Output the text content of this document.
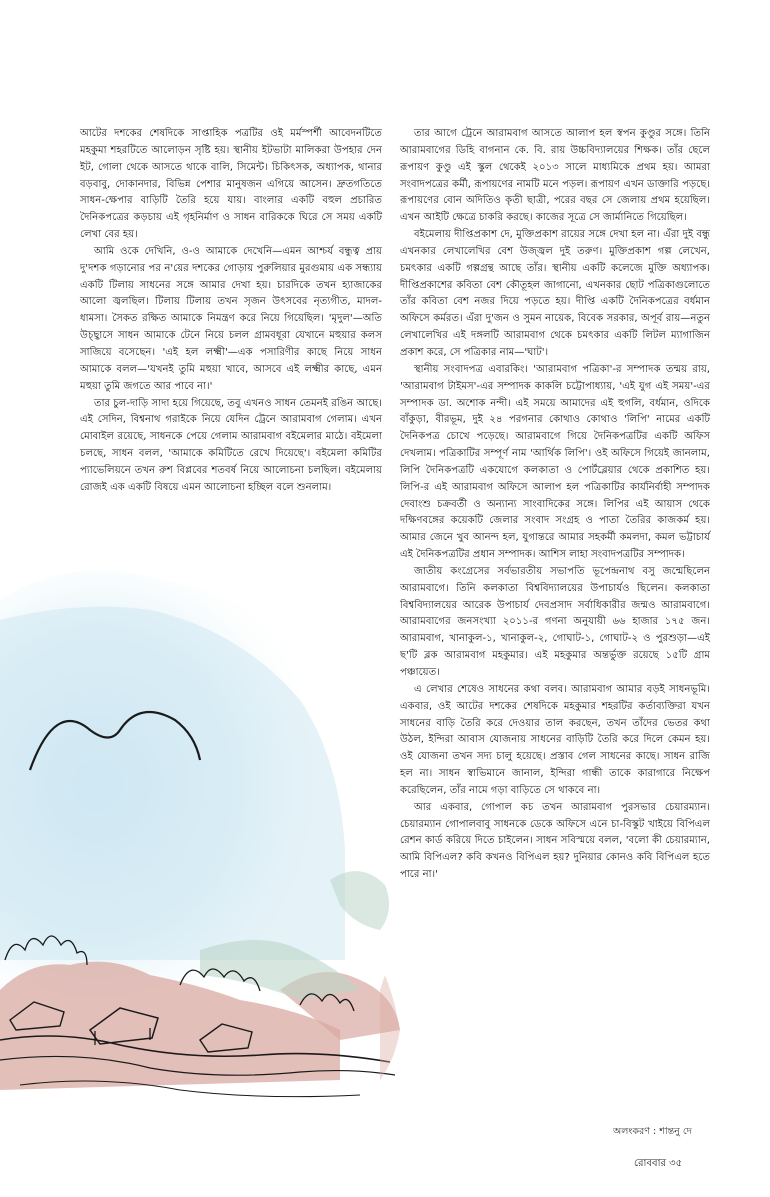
আটের দশকের শেষদিকে সাপ্তাহিক পত্রটির ওই মর্মস্পর্শী আবেদনটিতে মহকুমা শহরটিতে আলোড়ন সৃষ্টি হয়। স্থানীয় ইটভাটা মালিকরা উপহার দেন ইট, গোলা থেকে আসতে থাকে বালি, সিমেন্ট। চিকিৎসক, অধ্যাপক, থানার বড়বাবু, দোকানদার, বিভিন্ন পেশার মানুষজন এগিয়ে আসেন। দ্রুতগতিতে সাধন-ক্ষেপার বাড়িটি তৈরি হয়ে যায়। বাংলার একটি বহুল প্রচারিত দৈনিকপত্রের কড়চায় এই গৃহনির্মাণ ও সাধন বারিককে ঘিরে সে সময় একটি লেখা বের হয়।

আমি ওকে দেখিনি, ও-ও আমাকে দেখেনি—এমন আশ্চর্য বন্ধুত্ব প্রায় দু'দশক গড়ানোর পর ন'য়ের দশকের গোড়ায় পুরুলিয়ার মুরগুমায় এক সন্ধ্যায় একটি টিলায় সাধনের সঙ্গে আমার দেখা হয়। চারদিকে তখন হ্যাজাকের আলো জ্বলছিল। টিলায় টিলায় তখন সৃজন উৎসবের নৃত্যগীত, মাদল-ধামসা। সৈকত রক্ষিত আমাকে নিমন্ত্রণ করে নিয়ে গিয়েছিল। 'মৃদুল'—অতি উচ্ছ্বাসে সাধন আমাকে টেনে নিয়ে চলল গ্রামবধূরা যেখানে মহুয়ার কলস সাজিয়ে বসেছেন। 'এই হল লক্ষ্মী'—এক পসারিণীর কাছে নিয়ে সাধন আমাকে বলল—'যখনই তুমি মহুয়া খাবে, আসবে এই লক্ষ্মীর কাছে, এমন মহুয়া তুমি জগতে আর পাবে না।'

তার চুল-দাড়ি সাদা হয়ে গিয়েছে, তবু এখনও সাধন তেমনই রঙিন আছে। এই সেদিন, বিশ্বনাথ গরাইকে নিয়ে যেদিন ট্রেনে আরামবাগ গেলাম। এখন মোবাইল রয়েছে, সাধনকে পেয়ে গেলাম আরামবাগ বইমেলার মাঠে। বইমেলা চলছে, সাধন বলল, 'আমাকে কমিটিতে রেখে দিয়েছে'। বইমেলা কমিটির প্যাভেলিয়নে তখন রুশ বিপ্লবের শতবর্ষ নিয়ে আলোচনা চলছিল। বইমেলায় রোজই এক একটি বিষয়ে এমন আলোচনা হচ্ছিল বলে শুনলাম।

তার আগে ট্রেনে আরামবাগ আসতে আলাপ হল স্বপন কুণ্ডুর সঙ্গে। তিনি আরামবাগের ডিহি বাগনান কে. বি. রায় উচ্চবিদ্যালয়ের শিক্ষক। তাঁর ছেলে রূপায়ণ কুণ্ডু এই স্কুল থেকেই ২০১৩ সালে মাধ্যমিকে প্রথম হয়। আমরা সংবাদপত্রের কর্মী, রূপায়ণের নামটি মনে পড়ল। রূপায়ণ এখন ডাক্তারি পড়ছে। রূপায়ণের বোন অদিতিও কৃতী ছাত্রী, পরের বছর সে জেলায় প্রথম হয়েছিল। এখন আইটি ক্ষেত্রে চাকরি করছে। কাজের সূত্রে সে জার্মানিতে গিয়েছিল।

বইমেলায় দীপ্তিপ্রকাশ দে, মুক্তিপ্রকাশ রায়ের সঙ্গে দেখা হল না। এঁরা দুই বন্ধু এখনকার লেখালেখির বেশ উজ্জ্বল দুই তরুণ। মুক্তিপ্রকাশ গল্প লেখেন, চমৎকার একটি গল্পগ্রন্থ আছে তাঁর। স্থানীয় একটি কলেজে মুক্তি অধ্যাপক। দীপ্তিপ্রকাশের কবিতা বেশ কৌতূহল জাগানো, এখনকার ছোট পত্রিকাগুলোতে তাঁর কবিতা বেশ নজর দিয়ে পড়তে হয়। দীপ্তি একটি দৈনিকপত্রের বর্ধমান অফিসে কর্মরত। এঁরা দু'জন ও সুমন নায়েক, বিবেক সরকার, অপূর্ব রায়—নতুন লেখালেখির এই দঙ্গলটি আরামবাগ থেকে চমৎকার একটি লিটল ম্যাগাজিন প্রকাশ করে, সে পত্রিকার নাম—'ঘাট'।

স্থানীয় সংবাদপত্র এবারকিং। 'আরামবাগ পত্রিকা'-র সম্পাদক তন্ময় রায়, 'আরামবাগ টাইমস'-এর সম্পাদক কাকলি চট্টোপাধ্যায়, 'এই যুগ এই সময়'-এর সম্পাদক ডা. অশোক নন্দী। এই সময়ে আমাদের এই হুগলি, বর্ধমান, ওদিকে বাঁকুড়া, বীরভূম, দুই ২৪ পরগনার কোথাও কোথাও 'লিপি' নামের একটি দৈনিকপত্র চোখে পড়েছে। আরামবাগে গিয়ে দৈনিকপত্রটির একটি অফিস দেখলাম। পত্রিকাটির সম্পূর্ণ নাম 'আর্থিক লিপি'। ওই অফিসে গিয়েই জানলাম, লিপি দৈনিকপত্রটি একযোগে কলকাতা ও পোর্টব্লেয়ার থেকে প্রকাশিত হয়। লিপি-র এই আরামবাগ অফিসে আলাপ হল পত্রিকাটির কার্যনির্বাহী সম্পাদক দেবাংশু চক্রবর্তী ও অন্যান্য সাংবাদিকের সঙ্গে। লিপির এই আয়াস থেকে দক্ষিণবঙ্গের কয়েকটি জেলার সংবাদ সংগ্রহ ও পাতা তৈরির কাজকর্ম হয়। আমার জেনে খুব আনন্দ হল, যুগান্তরে আমার সহকর্মী কমলদা, কমল ভট্টাচার্য এই দৈনিকপত্রটির প্রধান সম্পাদক। আশিস লাহা সংবাদপত্রটির সম্পাদক।

জাতীয় কংগ্রেসের সর্বভারতীয় সভাপতি ভূপেন্দ্রনাথ বসু জন্মেছিলেন আরামবাগে। তিনি কলকাতা বিশ্ববিদ্যালয়ের উপাচার্যও ছিলেন। কলকাতা বিশ্ববিদ্যালয়ের আরেক উপাচার্য দেবপ্রসাদ সর্বাধিকারীর জন্মও আরামবাগে। আরামবাগের জনসংখ্যা ২০১১-র গণনা অনুযায়ী ৬৬ হাজার ১৭৫ জন। আরামবাগ, খানাকুল-১, খানাকুল-২, গোঘাট-১, গোঘাট-২ ও পুরশুড়া—এই ছ'টি ব্লক আরামবাগ মহকুমার। এই মহকুমার অন্তর্ভুক্ত রয়েছে ১৫টি গ্রাম পঞ্চায়েত।

এ লেখার শেষেও সাধনের কথা বলব। আরামবাগ আমার বড়ই সাধনভূমি। একবার, ওই আটের দশকের শেষদিকে মহকুমার শহরটির কর্তাব্যক্তিরা যখন সাধনের বাড়ি তৈরি করে দেওয়ার তাল করছেন, তখন তাঁদের ভেতর কথা উঠল, ইন্দিরা আবাস যোজনায় সাধনের বাড়িটি তৈরি করে দিলে কেমন হয়। ওই যোজনা তখন সদ্য চালু হয়েছে। প্রস্তাব গেল সাধনের কাছে। সাধন রাজি হল না। সাধন স্বাভিমানে জানাল, ইন্দিরা গান্ধী তাকে কারাগারে নিক্ষেপ করেছিলেন, তাঁর নামে গড়া বাড়িতে সে থাকবে না।

আর একবার, গোপাল কচ তখন আরামবাগ পুরসভার চেয়ারম্যান। চেয়ারম্যান গোপালবাবু সাধনকে ডেকে অফিসে এনে চা-বিস্কুট খাইয়ে বিপিএল রেশন কার্ড করিয়ে দিতে চাইলেন। সাধন সবিস্ময়ে বলল, 'বলো কী চেয়ারম্যান, আমি বিপিএল? কবি কখনও বিপিএল হয়? দুনিয়ার কোনও কবি বিপিএল হতে পারে না।'

অলংকরণ : শান্তনু দে
রোববার ৩৫
